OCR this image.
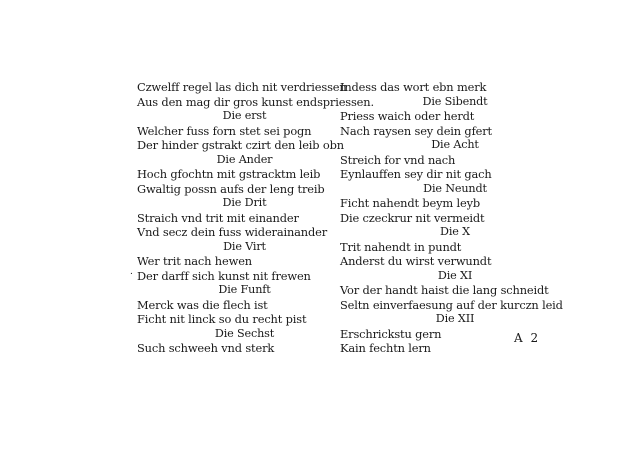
.
Czwelff regel las dich nit verdriessen
Aus den mag dir gros kunst endspriessen.
Die erst
Welcher fuss forn stet sei pogn
Der hinder gstrakt czirt den leib obn
Die Ander
Hoch gfochtn mit gstracktm leib
Gwaltig possn aufs der leng treib
Die Drit
Straich vnd trit mit einander
Vnd secz dein fuss widerainander
Die Virt
Wer trit nach hewen
Der darff sich kunst nit frewen
Die Funft
Merck was die flech ist
Ficht nit linck so du recht pist
Die Sechst
Such schweeh vnd sterk
Indess das wort ebn merk
Die Sibendt
Priess waich oder herdt
Nach raysen sey dein gfert
Die Acht
Streich for vnd nach
Eynlauffen sey dir nit gach
Die Neundt
Ficht nahendt beym leyb
Die czeckrur nit vermeidt
Die X
Trit nahendt in pundt
Anderst du wirst verwundt
Die XI
Vor der handt haist die lang schneidt
Seltn einverfaesung auf der kurczn leid
Die XII
Erschrickstu gern
Kain fechtn lern
A 2
